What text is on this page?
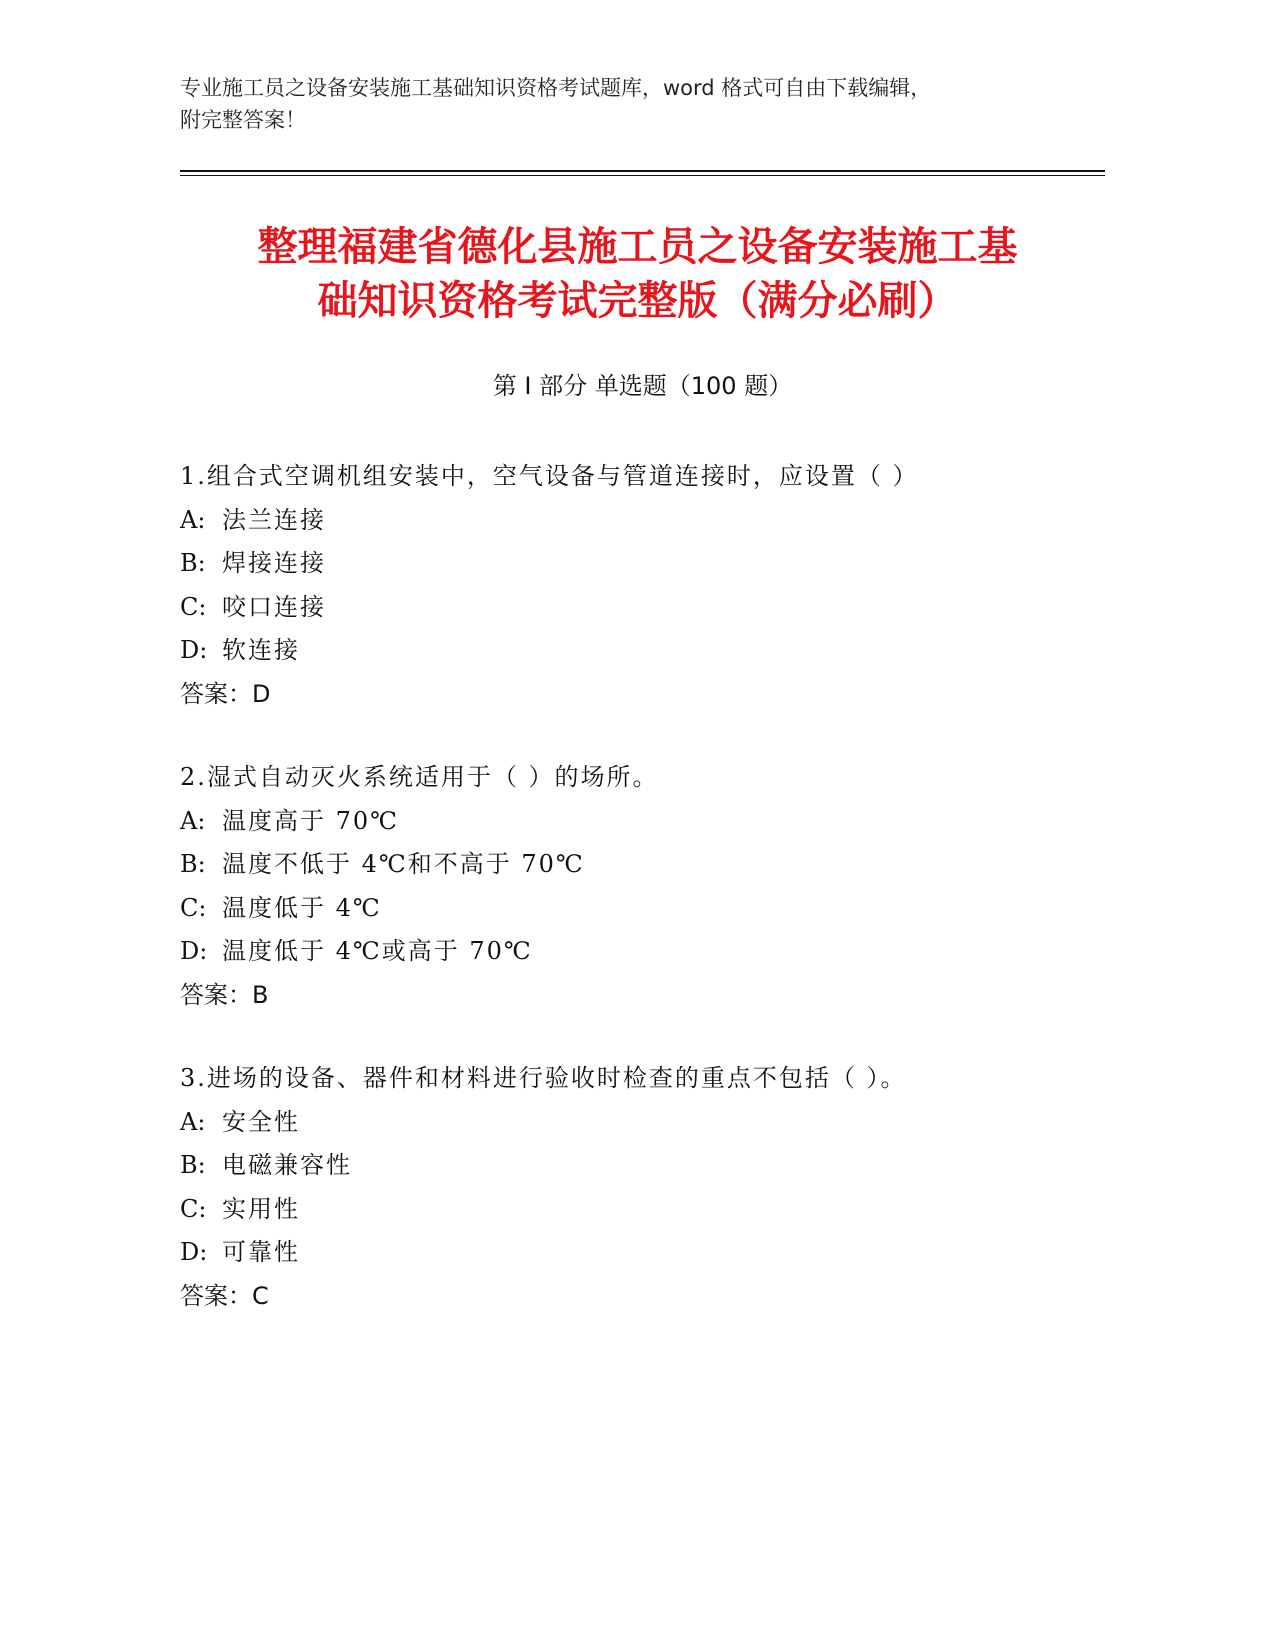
专业施工员之设备安装施工基础知识资格考试题库，word 格式可自由下载编辑，
附完整答案！
整理福建省德化县施工员之设备安装施工基
础知识资格考试完整版（满分必刷）
第 I 部分 单选题（100 题）
1.组合式空调机组安装中，空气设备与管道连接时，应设置（ ）
A: 法兰连接
B: 焊接连接
C: 咬口连接
D: 软连接
答案：D
2.湿式自动灭火系统适用于（ ）的场所。
A: 温度高于 70℃
B: 温度不低于 4℃和不高于 70℃
C: 温度低于 4℃
D: 温度低于 4℃或高于 70℃
答案：B
3.进场的设备、器件和材料进行验收时检查的重点不包括（ ）。
A: 安全性
B: 电磁兼容性
C: 实用性
D: 可靠性
答案：C
